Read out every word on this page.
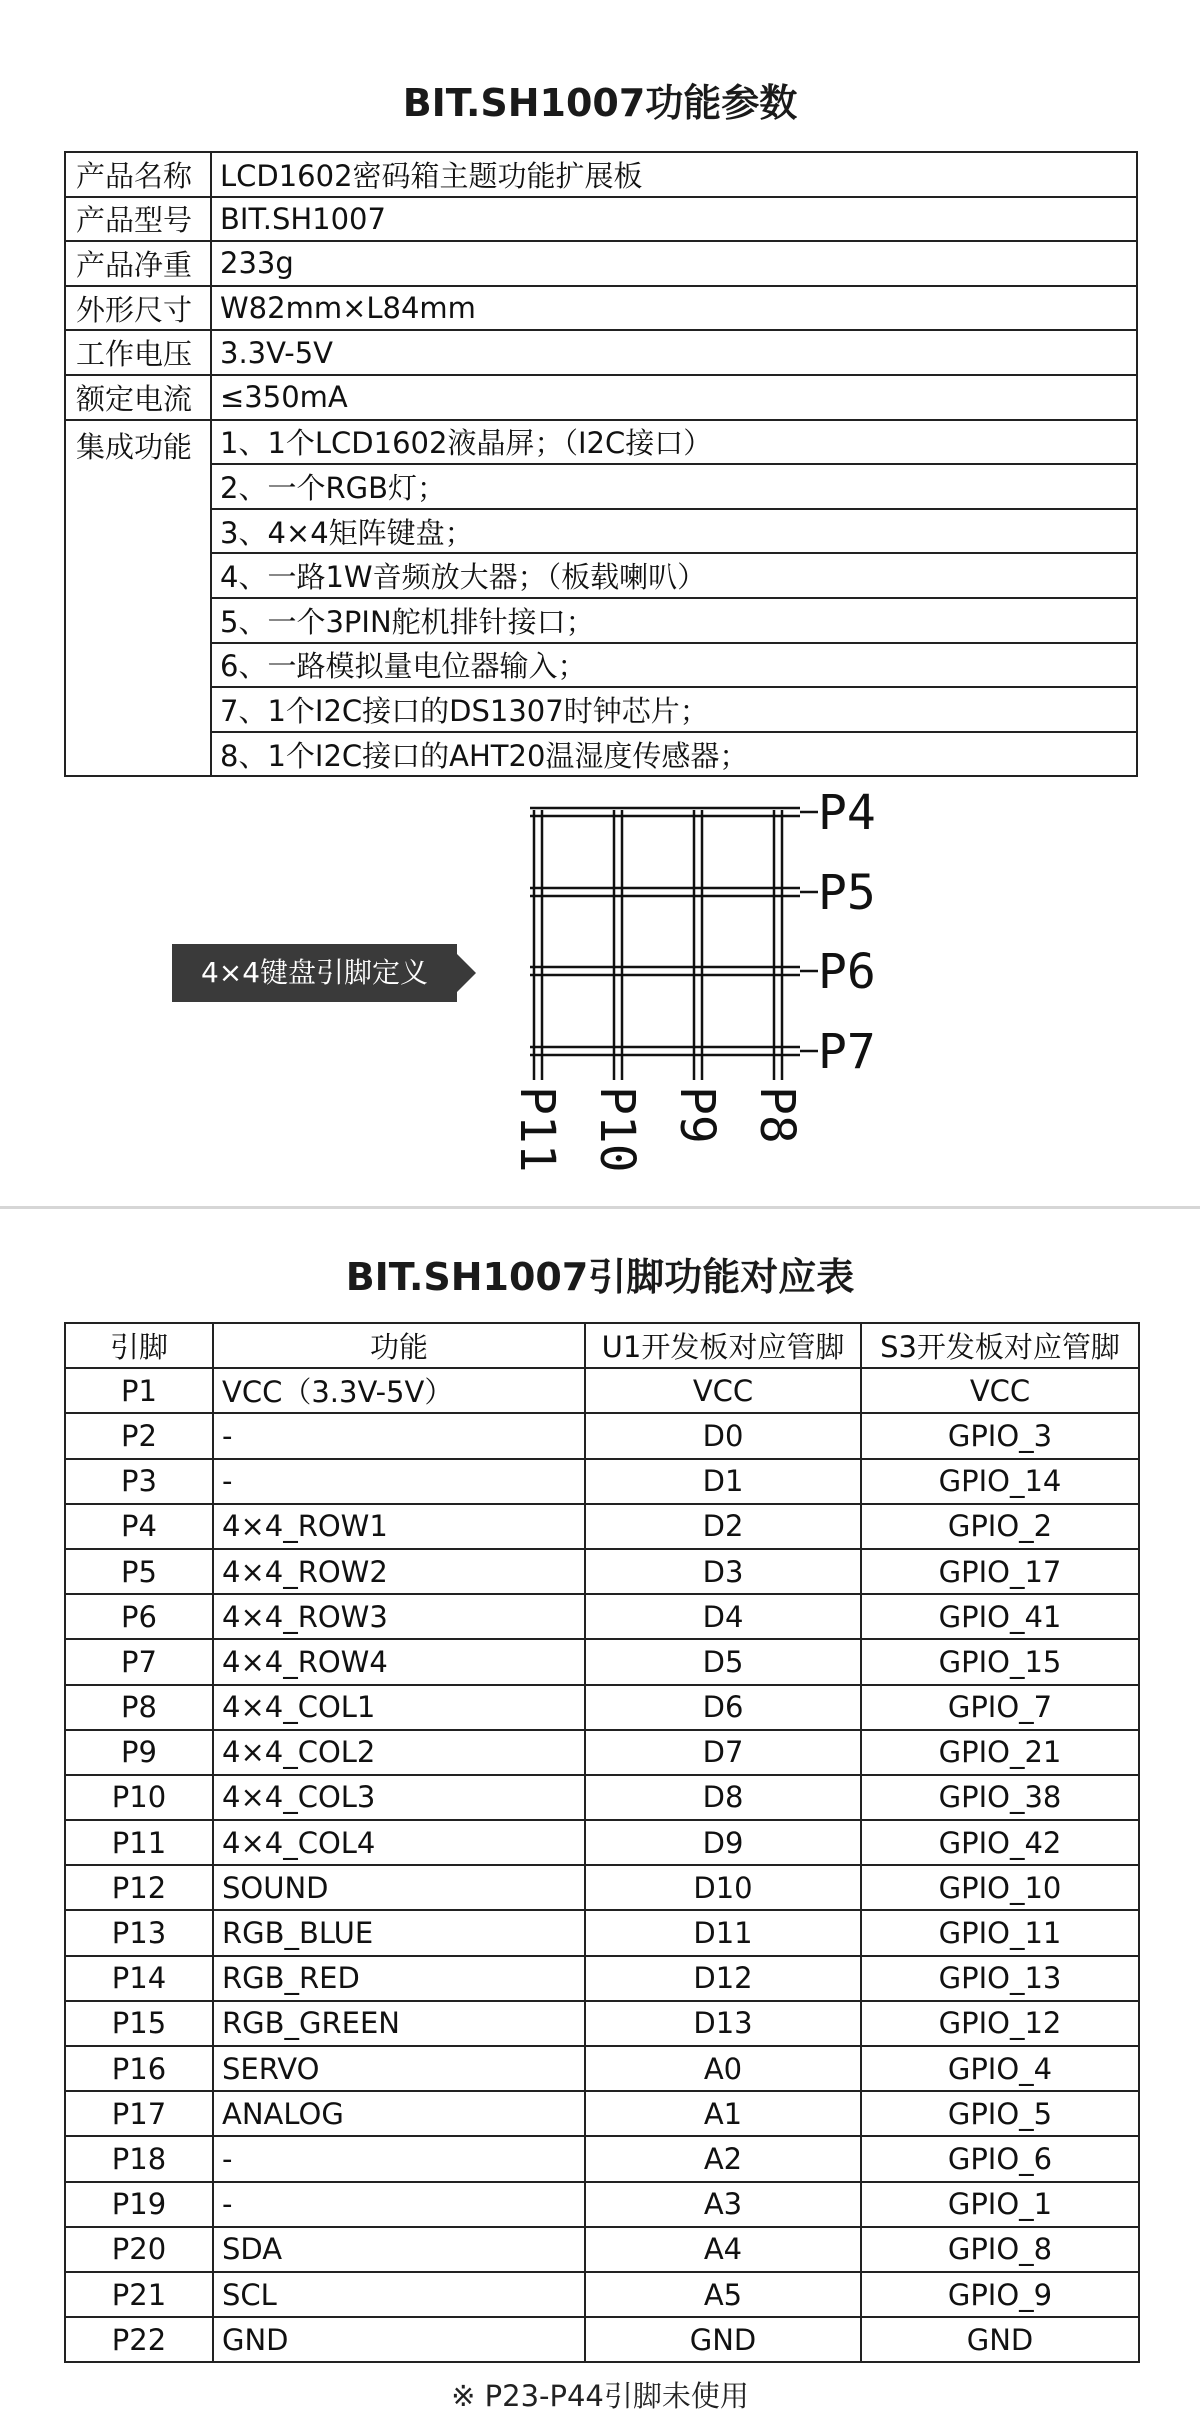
BIT.SH1007功能参数
产品名称	LCD1602密码箱主题功能扩展板
产品型号	BIT.SH1007
产品净重	233g
外形尺寸	W82mm×L84mm
工作电压	3.3V-5V
额定电流	≤350mA
集成功能	1、1个LCD1602液晶屏；（I2C接口）
	2、一个RGB灯；
	3、4×4矩阵键盘；
	4、一路1W音频放大器；（板载喇叭）
	5、一个3PIN舵机排针接口；
	6、一路模拟量电位器输入；
	7、1个I2C接口的DS1307时钟芯片；
	8、1个I2C接口的AHT20温湿度传感器；
4×4键盘引脚定义
P4
P5
P6
P7
P11 P10 P9 P8
BIT.SH1007引脚功能对应表
引脚	功能	U1开发板对应管脚	S3开发板对应管脚
P1	VCC（3.3V-5V）	VCC	VCC
P2	-	D0	GPIO_3
P3	-	D1	GPIO_14
P4	4×4_ROW1	D2	GPIO_2
P5	4×4_ROW2	D3	GPIO_17
P6	4×4_ROW3	D4	GPIO_41
P7	4×4_ROW4	D5	GPIO_15
P8	4×4_COL1	D6	GPIO_7
P9	4×4_COL2	D7	GPIO_21
P10	4×4_COL3	D8	GPIO_38
P11	4×4_COL4	D9	GPIO_42
P12	SOUND	D10	GPIO_10
P13	RGB_BLUE	D11	GPIO_11
P14	RGB_RED	D12	GPIO_13
P15	RGB_GREEN	D13	GPIO_12
P16	SERVO	A0	GPIO_4
P17	ANALOG	A1	GPIO_5
P18	-	A2	GPIO_6
P19	-	A3	GPIO_1
P20	SDA	A4	GPIO_8
P21	SCL	A5	GPIO_9
P22	GND	GND	GND
※ P23-P44引脚未使用
